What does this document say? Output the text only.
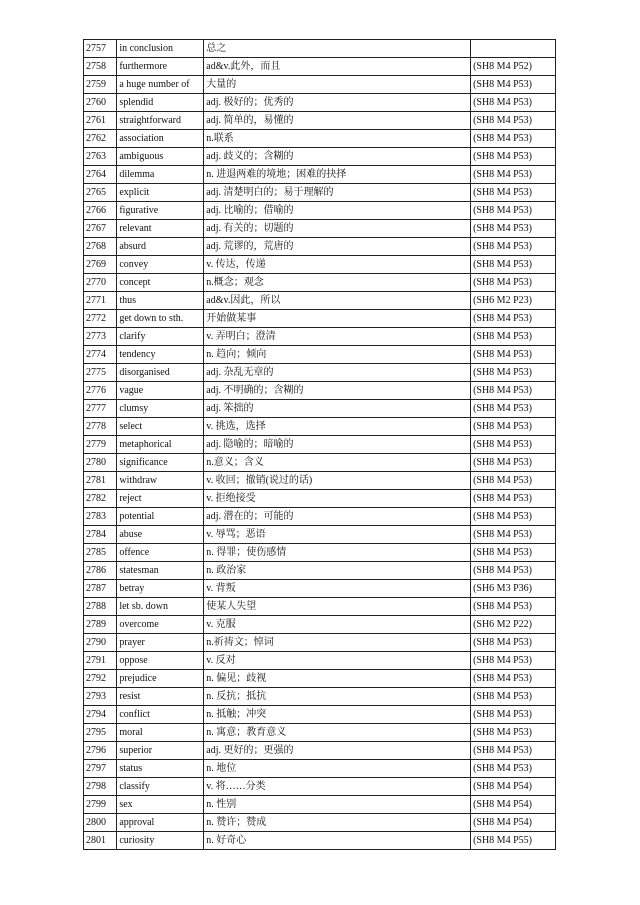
2757	in conclusion	总之	
2758	furthermore	ad&v.此外，而且	(SH8 M4 P52)
2759	a huge number of	大量的	(SH8 M4 P53)
2760	splendid	adj. 极好的；优秀的	(SH8 M4 P53)
2761	straightforward	adj. 简单的，易懂的	(SH8 M4 P53)
2762	association	n.联系	(SH8 M4 P53)
2763	ambiguous	adj. 歧义的；含糊的	(SH8 M4 P53)
2764	dilemma	n. 进退两难的境地；困难的抉择	(SH8 M4 P53)
2765	explicit	adj. 清楚明白的；易于理解的	(SH8 M4 P53)
2766	figurative	adj. 比喻的；借喻的	(SH8 M4 P53)
2767	relevant	adj. 有关的；切题的	(SH8 M4 P53)
2768	absurd	adj. 荒谬的，荒唐的	(SH8 M4 P53)
2769	convey	v. 传达，传递	(SH8 M4 P53)
2770	concept	n.概念；观念	(SH8 M4 P53)
2771	thus	ad&v.因此，所以	(SH6 M2 P23)
2772	get down to sth.	开始做某事	(SH8 M4 P53)
2773	clarify	v. 弄明白；澄清	(SH8 M4 P53)
2774	tendency	n. 趋向；倾向	(SH8 M4 P53)
2775	disorganised	adj. 杂乱无章的	(SH8 M4 P53)
2776	vague	adj. 不明确的；含糊的	(SH8 M4 P53)
2777	clumsy	adj. 笨拙的	(SH8 M4 P53)
2778	select	v. 挑选，选择	(SH8 M4 P53)
2779	metaphorical	adj. 隐喻的；暗喻的	(SH8 M4 P53)
2780	significance	n.意义；含义	(SH8 M4 P53)
2781	withdraw	v. 收回；撤销(说过的话)	(SH8 M4 P53)
2782	reject	v. 拒绝接受	(SH8 M4 P53)
2783	potential	adj. 潜在的；可能的	(SH8 M4 P53)
2784	abuse	v. 辱骂；恶语	(SH8 M4 P53)
2785	offence	n. 得罪；使伤感情	(SH8 M4 P53)
2786	statesman	n. 政治家	(SH8 M4 P53)
2787	betray	v. 背叛	(SH6 M3 P36)
2788	let sb. down	使某人失望	(SH8 M4 P53)
2789	overcome	v. 克服	(SH6 M2 P22)
2790	prayer	n.祈祷文；悼词	(SH8 M4 P53)
2791	oppose	v. 反对	(SH8 M4 P53)
2792	prejudice	n. 偏见；歧视	(SH8 M4 P53)
2793	resist	n. 反抗；抵抗	(SH8 M4 P53)
2794	conflict	n. 抵触；冲突	(SH8 M4 P53)
2795	moral	n. 寓意；教育意义	(SH8 M4 P53)
2796	superior	adj. 更好的；更强的	(SH8 M4 P53)
2797	status	n. 地位	(SH8 M4 P53)
2798	classify	v. 将……分类	(SH8 M4 P54)
2799	sex	n. 性别	(SH8 M4 P54)
2800	approval	n. 赞许；赞成	(SH8 M4 P54)
2801	curiosity	n. 好奇心	(SH8 M4 P55)
